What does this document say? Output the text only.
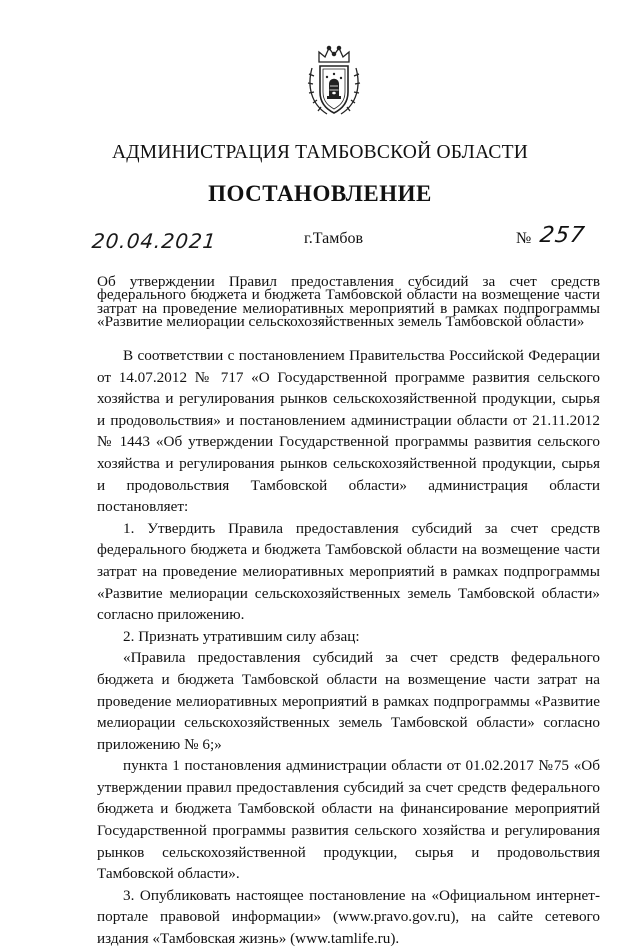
АДМИНИСТРАЦИЯ ТАМБОВСКОЙ ОБЛАСТИ
ПОСТАНОВЛЕНИЕ
20.04.2021	г.Тамбов	№ 257
Об утверждении Правил предоставления субсидий за счет средств федерального бюджета и бюджета Тамбовской области на возмещение части затрат на проведение мелиоративных мероприятий в рамках подпрограммы «Развитие мелиорации сельскохозяйственных земель Тамбовской области»

В соответствии с постановлением Правительства Российской Федерации от 14.07.2012 № 717 «О Государственной программе развития сельского хозяйства и регулирования рынков сельскохозяйственной продукции, сырья и продовольствия» и постановлением администрации области от 21.11.2012 № 1443 «Об утверждении Государственной программы развития сельского хозяйства и регулирования рынков сельскохозяйственной продукции, сырья и продовольствия Тамбовской области» администрация области постановляет:

1. Утвердить Правила предоставления субсидий за счет средств федерального бюджета и бюджета Тамбовской области на возмещение части затрат на проведение мелиоративных мероприятий в рамках подпрограммы «Развитие мелиорации сельскохозяйственных земель Тамбовской области» согласно приложению.

2. Признать утратившим силу абзац:

«Правила предоставления субсидий за счет средств федерального бюджета и бюджета Тамбовской области на возмещение части затрат на проведение мелиоративных мероприятий в рамках подпрограммы «Развитие мелиорации сельскохозяйственных земель Тамбовской области» согласно приложению № 6;»

пункта 1 постановления администрации области от 01.02.2017 №75 «Об утверждении правил предоставления субсидий за счет средств федерального бюджета и бюджета Тамбовской области на финансирование мероприятий Государственной программы развития сельского хозяйства и регулирования рынков сельскохозяйственной продукции, сырья и продовольствия Тамбовской области».

3. Опубликовать настоящее постановление на «Официальном интернет-портале правовой информации» (www.pravo.gov.ru), на сайте сетевого издания «Тамбовская жизнь» (www.tamlife.ru).
